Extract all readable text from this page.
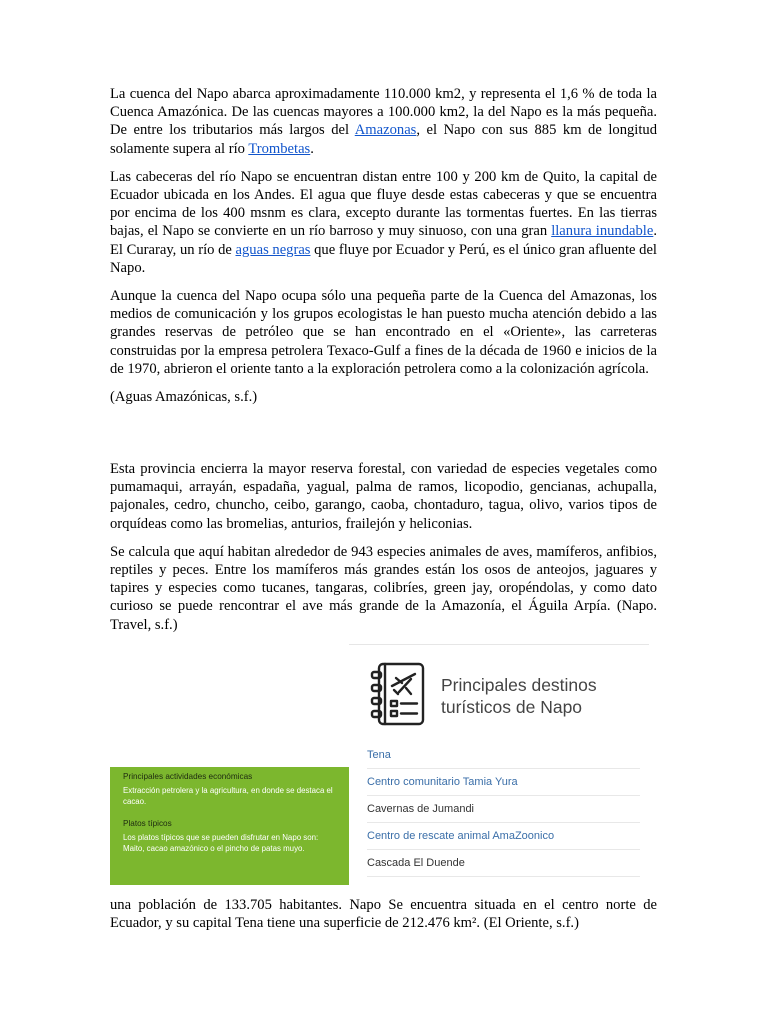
La cuenca del Napo abarca aproximadamente 110.000 km2, y representa el 1,6 % de toda la Cuenca Amazónica. De las cuencas mayores a 100.000 km2, la del Napo es la más pequeña. De entre los tributarios más largos del Amazonas, el Napo con sus 885 km de longitud solamente supera al río Trombetas.

Las cabeceras del río Napo se encuentran distan entre 100 y 200 km de Quito, la capital de Ecuador ubicada en los Andes. El agua que fluye desde estas cabeceras y que se encuentra por encima de los 400 msnm es clara, excepto durante las tormentas fuertes. En las tierras bajas, el Napo se convierte en un río barroso y muy sinuoso, con una gran llanura inundable. El Curaray, un río de aguas negras que fluye por Ecuador y Perú, es el único gran afluente del Napo.

Aunque la cuenca del Napo ocupa sólo una pequeña parte de la Cuenca del Amazonas, los medios de comunicación y los grupos ecologistas le han puesto mucha atención debido a las grandes reservas de petróleo que se han encontrado en el «Oriente», las carreteras construidas por la empresa petrolera Texaco-Gulf a fines de la década de 1960 e inicios de la de 1970, abrieron el oriente tanto a la exploración petrolera como a la colonización agrícola.

(Aguas Amazónicas, s.f.)

Esta provincia encierra la mayor reserva forestal, con variedad de especies vegetales como pumamaqui, arrayán, espadaña, yagual, palma de ramos, licopodio, gencianas, achupalla, pajonales, cedro, chuncho, ceibo, garango, caoba, chontaduro, tagua, olivo, varios tipos de orquídeas como las bromelias, anturios, frailejón y heliconias.

Se calcula que aquí habitan alrededor de 943 especies animales de aves, mamíferos, anfibios, reptiles y peces. Entre los mamíferos más grandes están los osos de anteojos, jaguares y tapires y especies como tucanes, tangaras, colibríes, green jay, oropéndolas, y como dato curioso se puede rencontrar el ave más grande de la Amazonía, el Águila Arpía. (Napo. Travel, s.f.)

Principales actividades económicas

Extracción petrolera y la agricultura, en donde se destaca el cacao.

Platos típicos

Los platos típicos que se pueden disfrutar en Napo son: Maito, cacao amazónico o el pincho de patas muyo.

Principales destinos turísticos de Napo
Tena
Centro comunitario Tamia Yura
Cavernas de Jumandi
Centro de rescate animal AmaZoonico
Cascada El Duende

una población de 133.705 habitantes. Napo Se encuentra situada en el centro norte de Ecuador, y su capital Tena tiene una superficie de 212.476 km². (El Oriente, s.f.)
